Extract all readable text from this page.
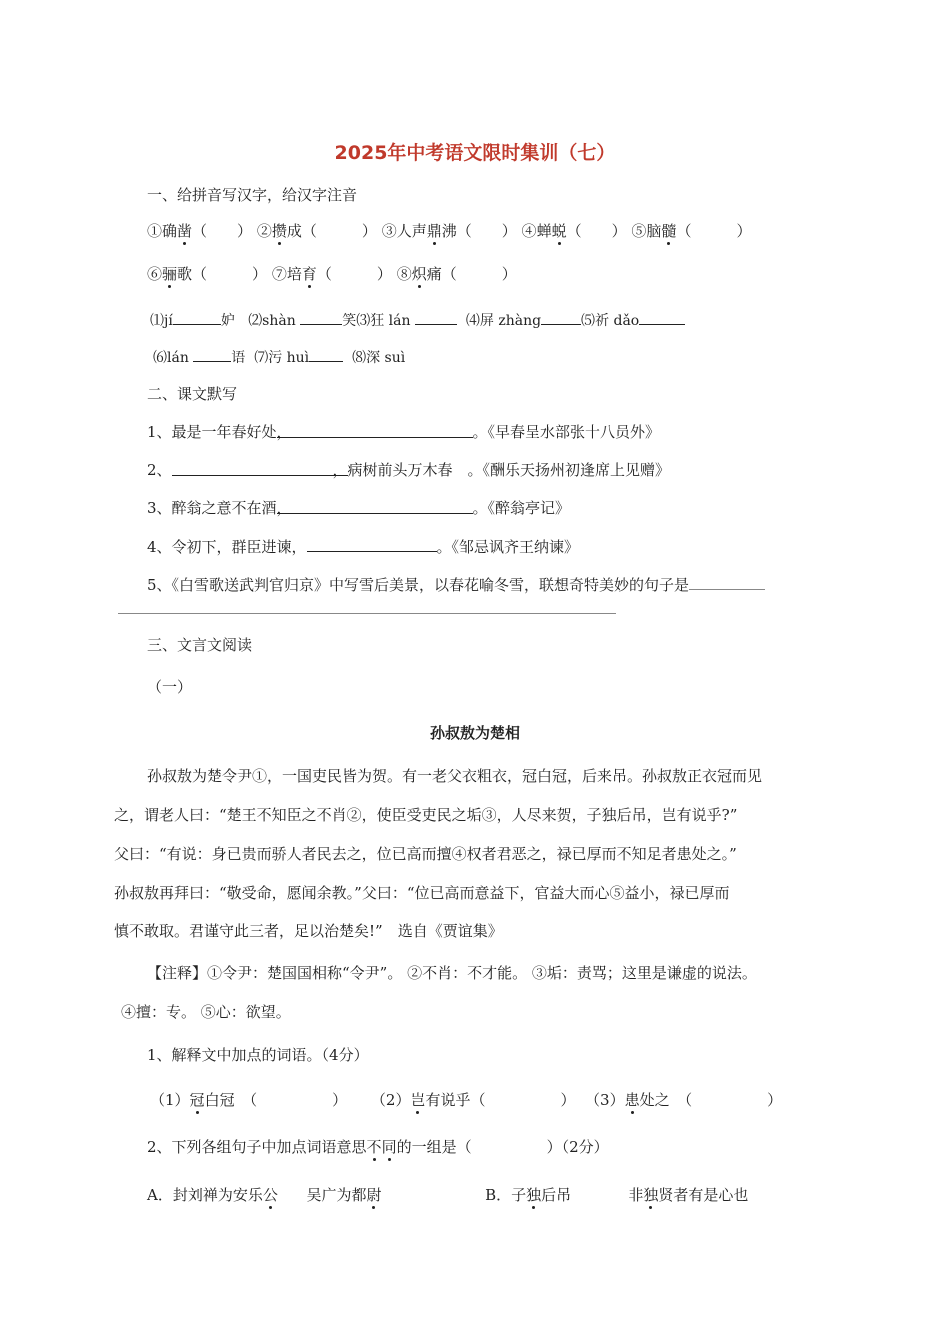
2025年中考语文限时集训（七）
一、给拼音写汉字，给汉字注音
①确凿（　　） ②攒成（　　　） ③人声鼎沸（　　） ④蝉蜕（　　） ⑤脑髓（　　　）
⑥骊歌（　　　） ⑦培育（　　　） ⑧炽痛（　　　）
⑴jí	妒 ⑵shàn	笑⑶狂 lán	⑷屏 zhàng	⑸祈 dǎo
⑹lán	语 ⑺污 huì	⑻深 suì
二、课文默写
1、最是一年春好处，	。《早春呈水部张十八员外》
2、	，病树前头万木春　。《酬乐天扬州初逢席上见赠》
3、醉翁之意不在酒，	。《醉翁亭记》
4、令初下，群臣进谏，	。《邹忌讽齐王纳谏》
5、《白雪歌送武判官归京》中写雪后美景，以春花喻冬雪，联想奇特美妙的句子是
三、文言文阅读
（一）
孙叔敖为楚相
孙叔敖为楚令尹①，一国吏民皆为贺。有一老父衣粗衣，冠白冠，后来吊。孙叔敖正衣冠而见
之，谓老人曰：“楚王不知臣之不肖②，使臣受吏民之垢③，人尽来贺，子独后吊，岂有说乎?”
父曰：“有说：身已贵而骄人者民去之，位已高而擅④权者君恶之，禄已厚而不知足者患处之。”
孙叔敖再拜曰：“敬受命，愿闻余教。”父曰：“位已高而意益下，官益大而心⑤益小，禄已厚而
慎不敢取。君谨守此三者，足以治楚矣!”　选自《贾谊集》
【注释】①令尹：楚国国相称“令尹”。 ②不肖：不才能。 ③垢：责骂；这里是谦虚的说法。
④擅：专。 ⑤心：欲望。
1、解释文中加点的词语。（4分）
（1）冠白冠　（　　　　　） （2）岂有说乎（　　　　　） （3）患处之　（　　　　　）
2、下列各组句子中加点词语意思不同的一组是（　　　　　）（2分）
A．封刘禅为安乐公 吴广为都尉	B．子独后吊	非独贤者有是心也
